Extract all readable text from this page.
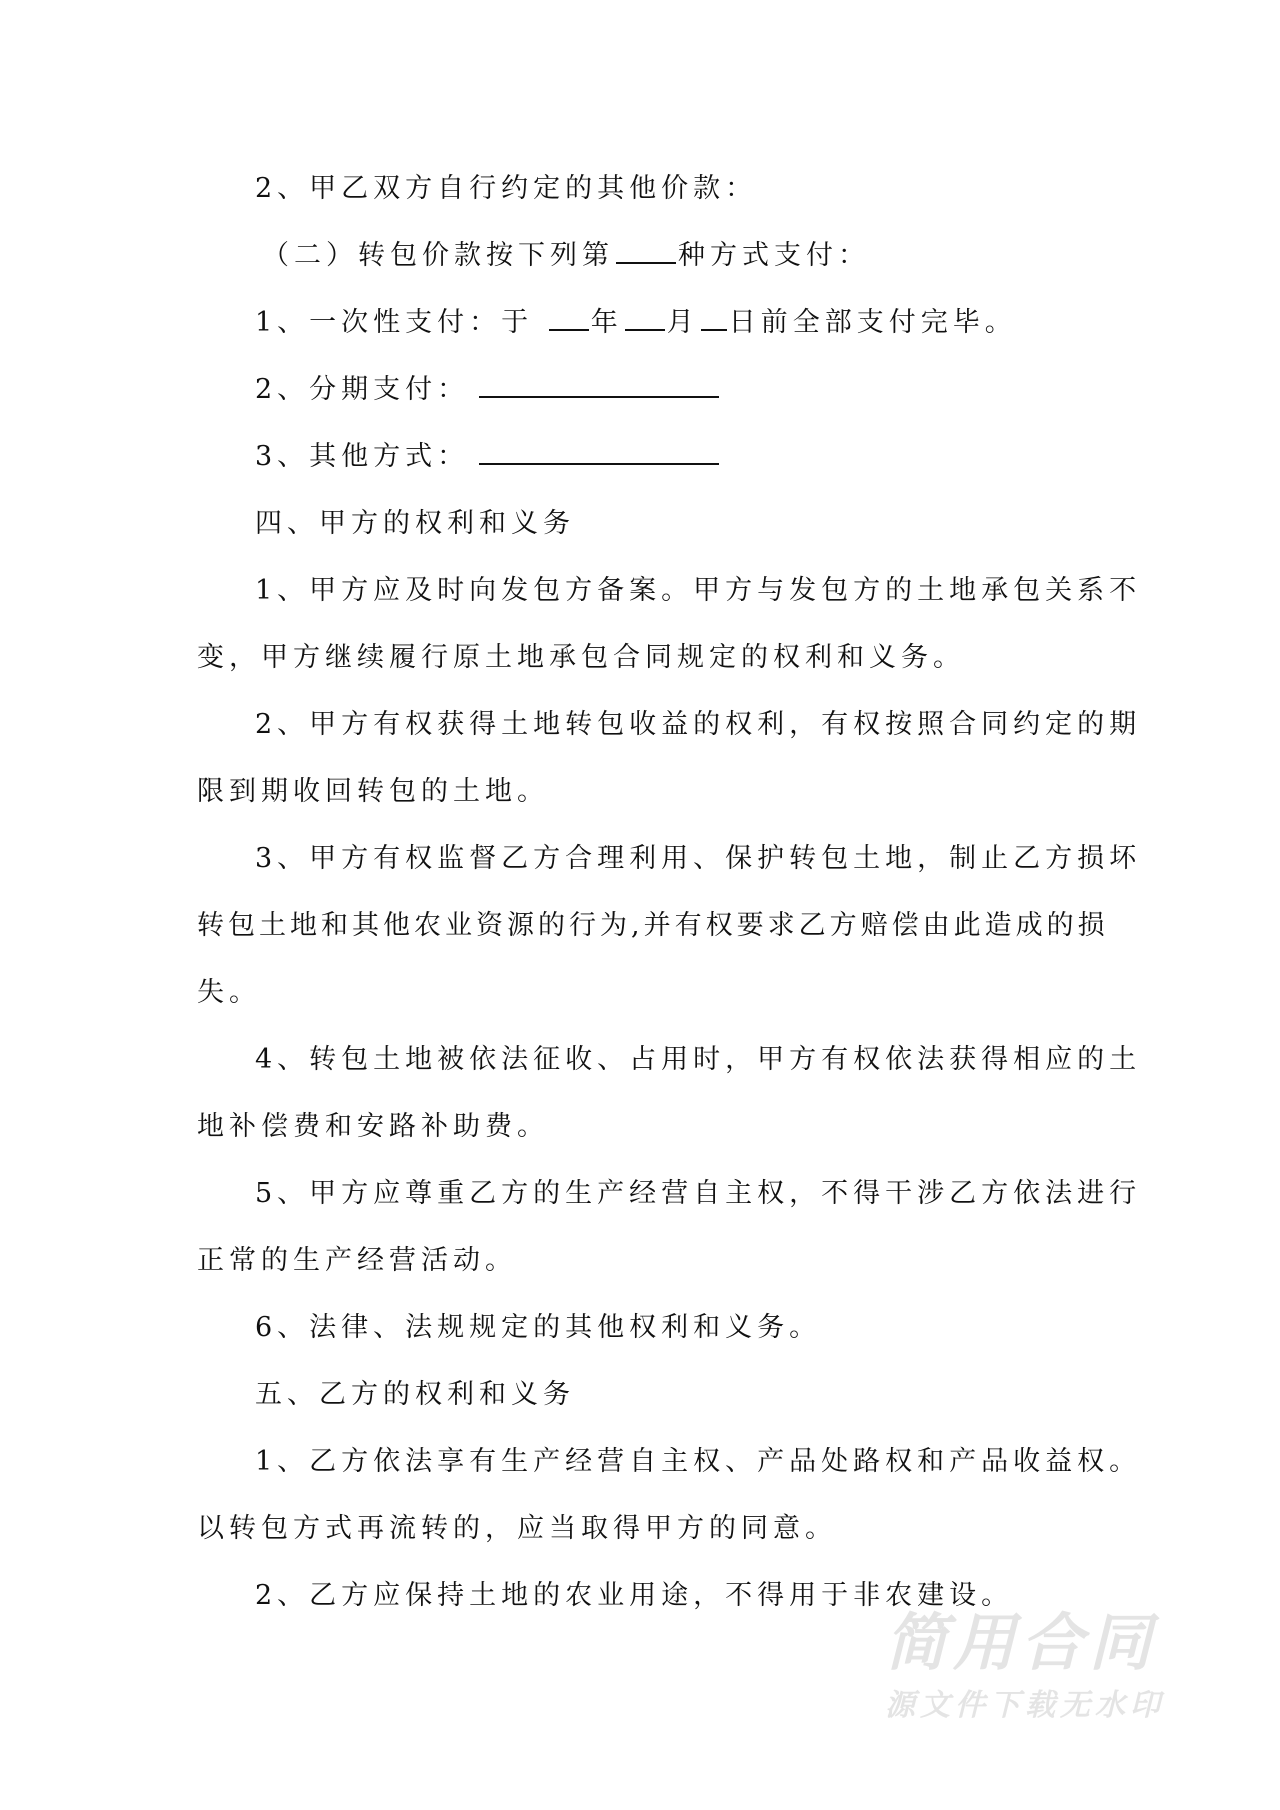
2、甲乙双方自行约定的其他价款：
（二）转包价款按下列第 种方式支付：
1、一次性支付：于 年 月 日前全部支付完毕。
2、分期支付：
3、其他方式：
四、甲方的权利和义务
1、甲方应及时向发包方备案。甲方与发包方的土地承包关系不
变，甲方继续履行原土地承包合同规定的权利和义务。
2、甲方有权获得土地转包收益的权利，有权按照合同约定的期
限到期收回转包的土地。
3、甲方有权监督乙方合理利用、保护转包土地，制止乙方损坏
转包土地和其他农业资源的行为,并有权要求乙方赔偿由此造成的损
失。
4、转包土地被依法征收、占用时，甲方有权依法获得相应的土
地补偿费和安路补助费。
5、甲方应尊重乙方的生产经营自主权，不得干涉乙方依法进行
正常的生产经营活动。
6、法律、法规规定的其他权利和义务。
五、乙方的权利和义务
1、乙方依法享有生产经营自主权、产品处路权和产品收益权。
以转包方式再流转的，应当取得甲方的同意。
2、乙方应保持土地的农业用途，不得用于非农建设。
简用合同
源文件下载无水印
